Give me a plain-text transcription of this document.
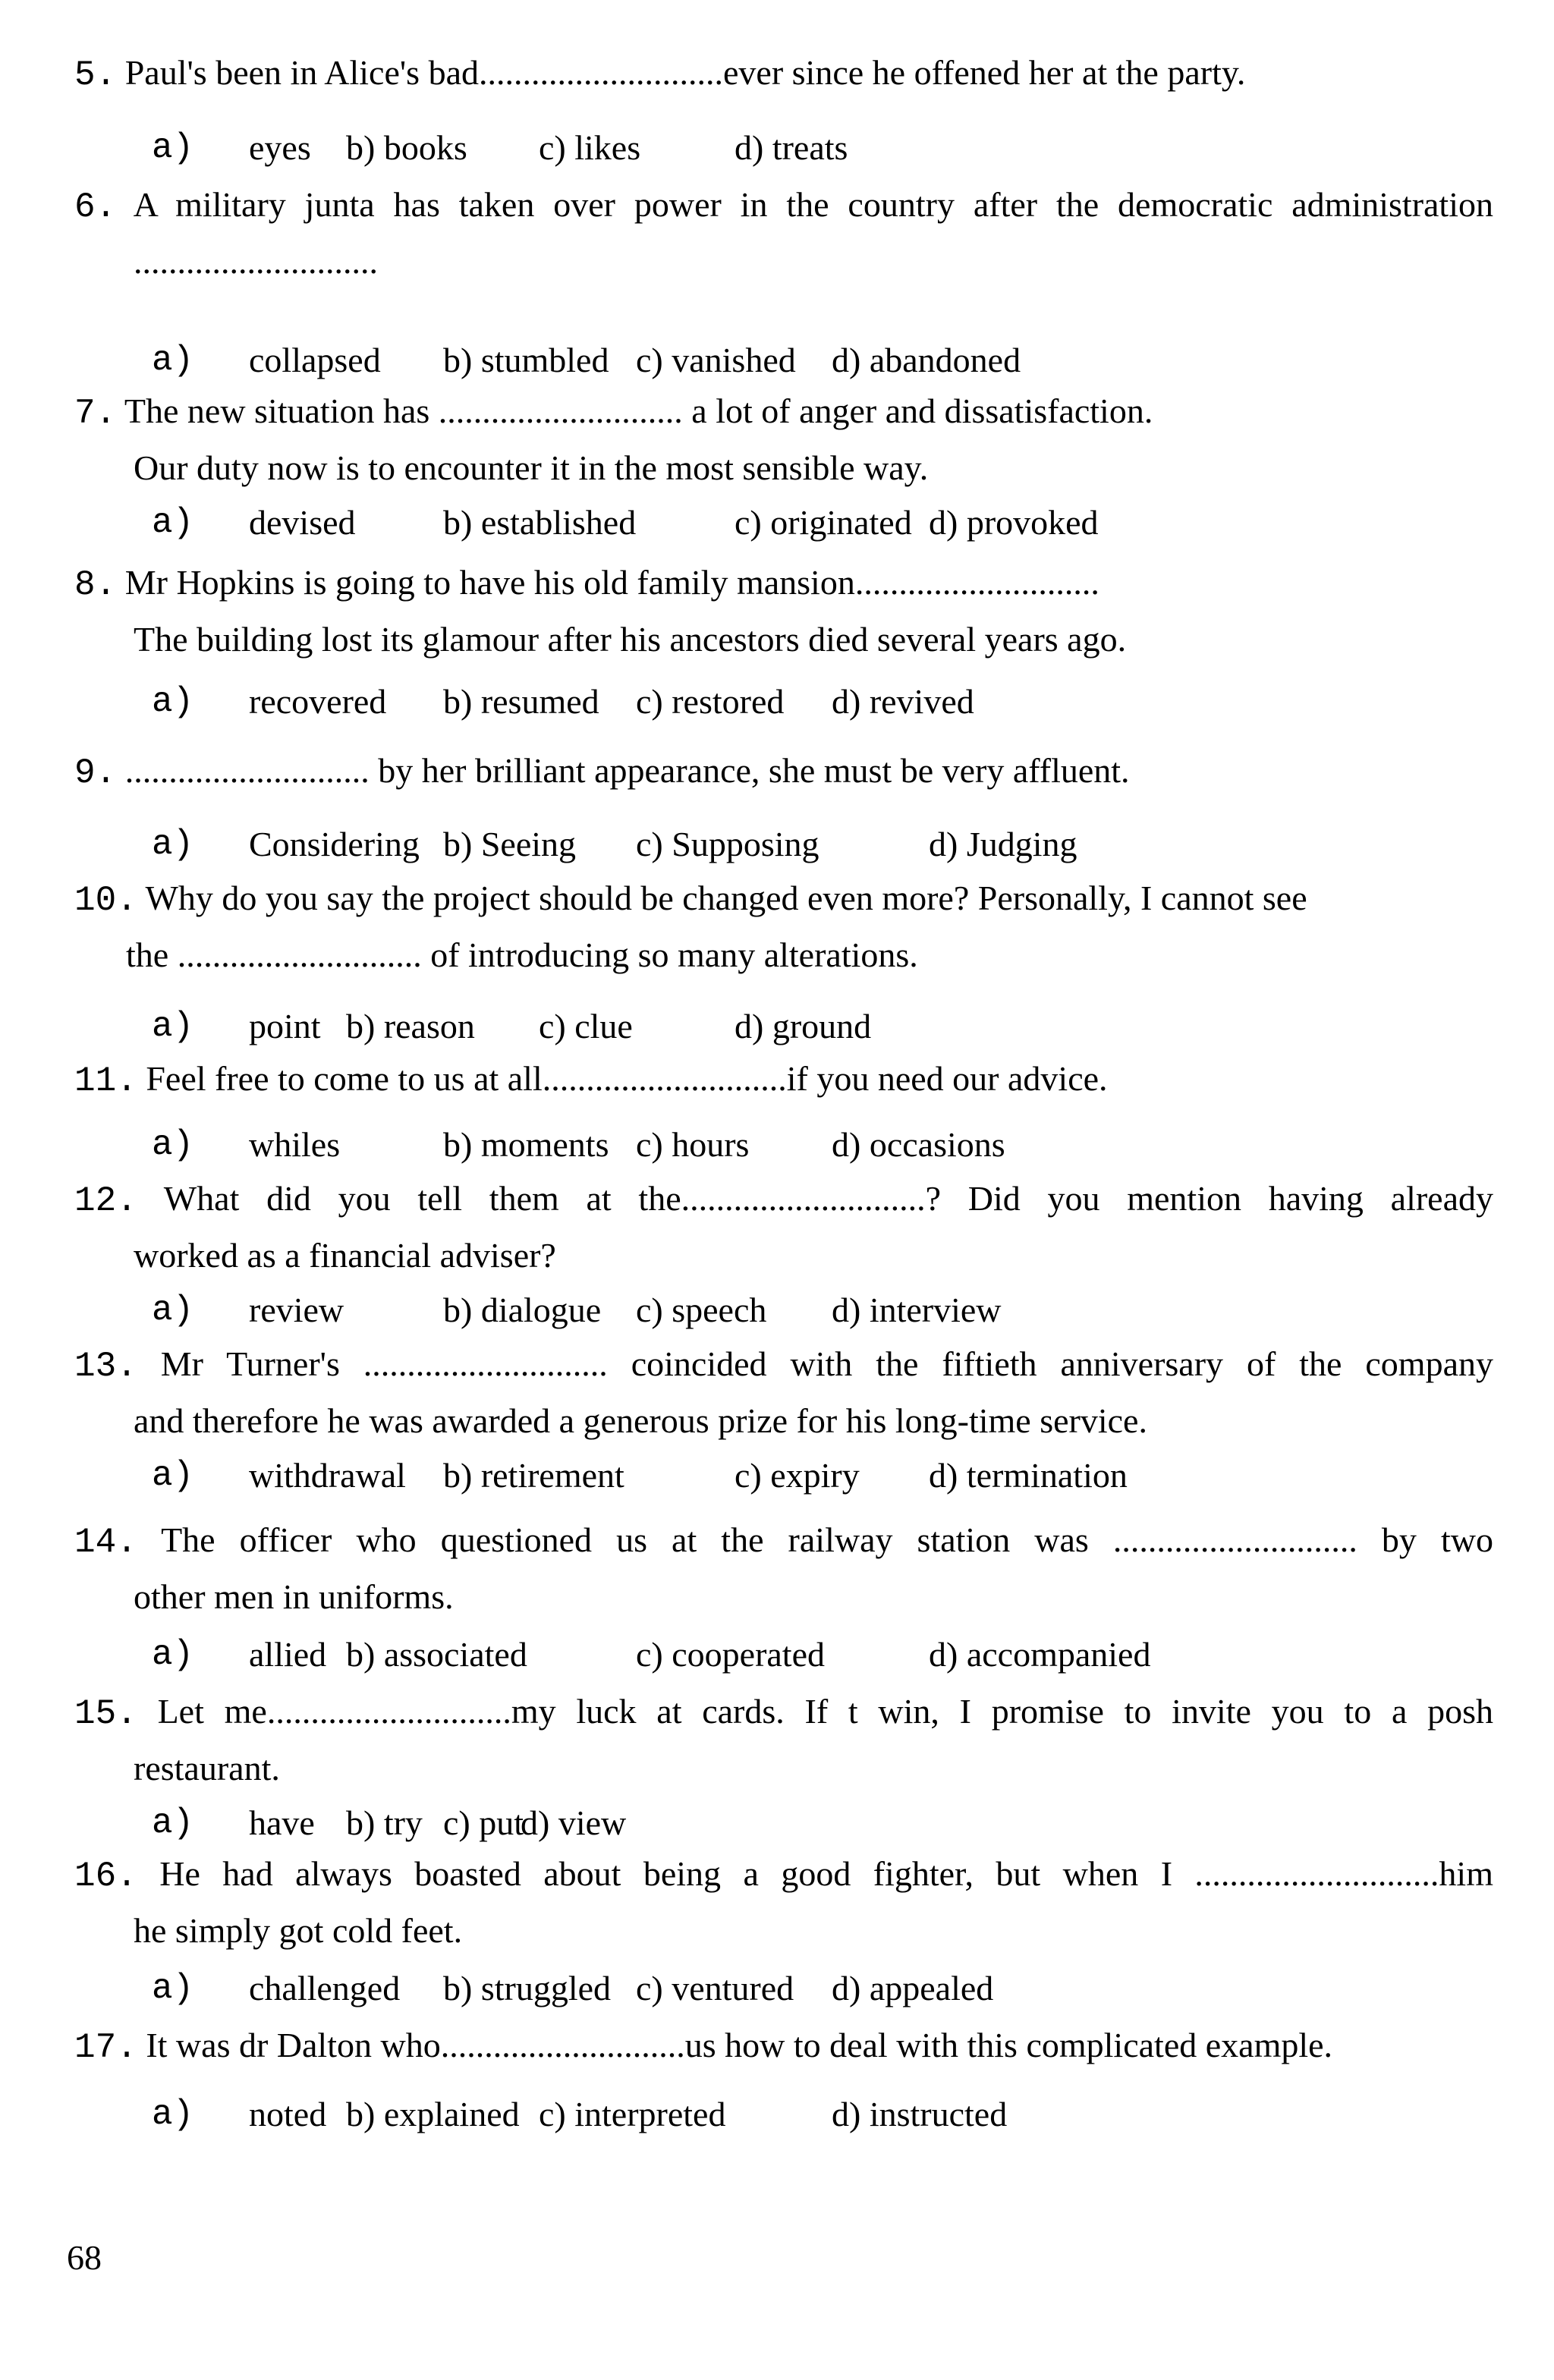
5. Paul's been in Alice's bad............................ever since he offened her at the party.
a) eyes b) books c) likes	d) treats
6. A military junta has taken over power in the country after the democratic administration
............................
a) collapsed b) stumbled c) vanished d) abandoned
7. The new situation has ............................ a lot of anger and dissatisfaction.
Our duty now is to encounter it in the most sensible way.
a) devised	b) established	c) originated d) provoked
8. Mr Hopkins is going to have his old family mansion............................
The building lost its glamour after his ancestors died several years ago.
a) recovered b) resumed c) restored d) revived
9. ............................ by her brilliant appearance, she must be very affluent.
a) Considering b) Seeing c) Supposing	d) Judging
10. Why do you say the project should be changed even more? Personally, I cannot see
the ............................ of introducing so many alterations.
a) point b) reason c) clue	d) ground
11. Feel free to come to us at all............................if you need our advice.
a) whiles	b) moments c) hours d) occasions
12. What did you tell them at the............................? Did you mention having already
worked as a financial adviser?
a) review	b) dialogue c) speech d) interview
13. Mr Turner's ............................ coincided with the fiftieth anniversary of the company
and therefore he was awarded a generous prize for his long-time service.
a) withdrawal b) retirement	c) expiry d) termination
14. The officer who questioned us at the railway station was ............................ by two
other men in uniforms.
a) allied b) associated	c) cooperated	d) accompanied
15. Let me............................my luck at cards. If t win, I promise to invite you to a posh
restaurant.
a) have b) try c) put
d) view
16. He had always boasted about being a good fighter, but when I ............................him
he simply got cold feet.
a) challenged b) struggled c) ventured d) appealed
17. It was dr Dalton who............................us how to deal with this complicated example.
a) noted b) explained c) interpreted	d) instructed
68
